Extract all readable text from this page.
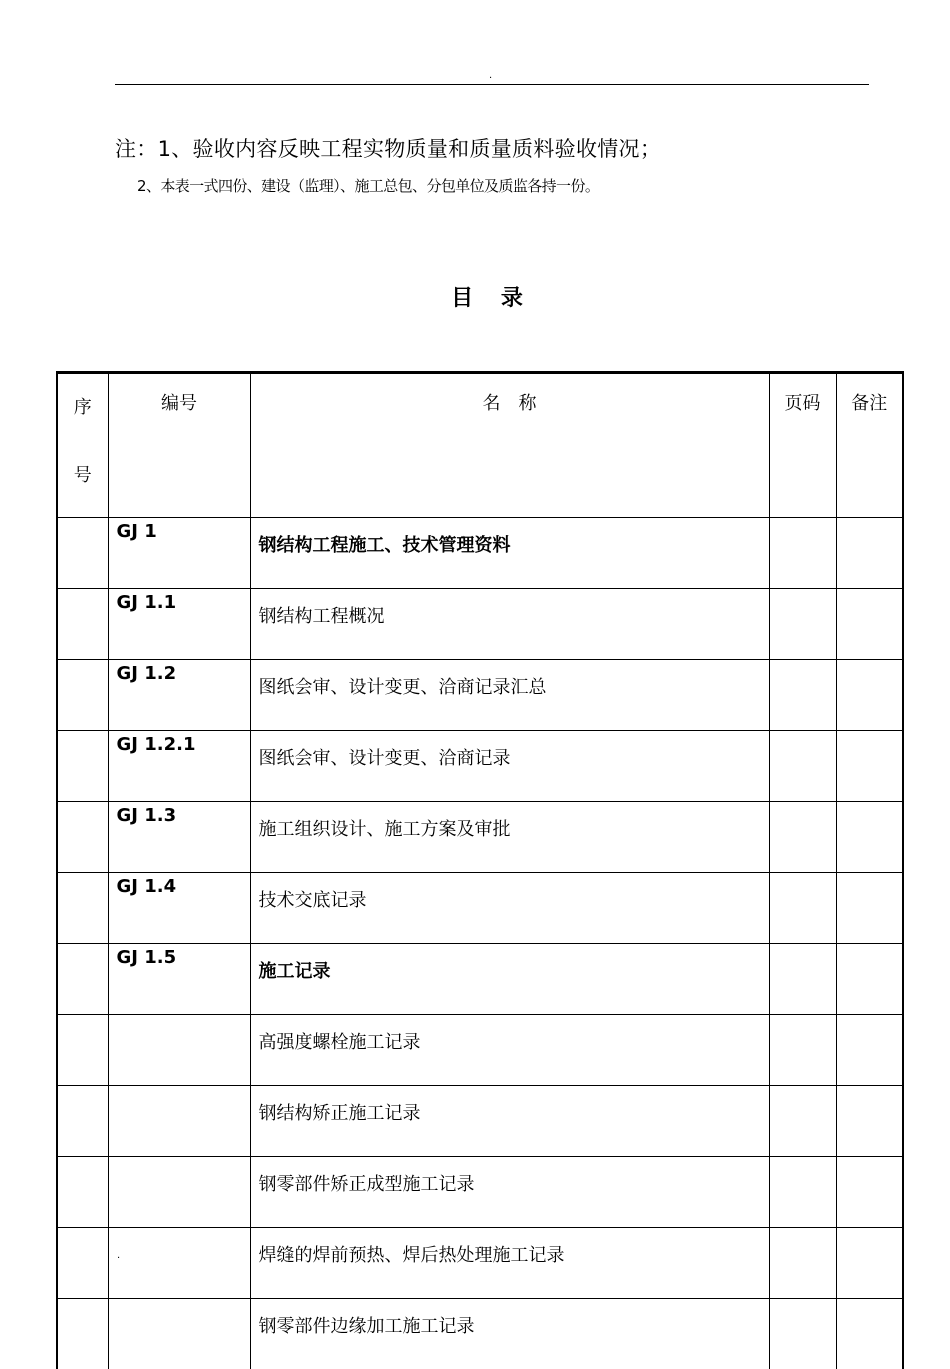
.
注：1、验收内容反映工程实物质量和质量质料验收情况；
2、本表一式四份、建设（监理）、施工总包、分包单位及质监各持一份。
目 录
序
号	编号	名　称	页码	备注
	GJ 1	钢结构工程施工、技术管理资料		
	GJ 1.1	钢结构工程概况		
	GJ 1.2	图纸会审、设计变更、洽商记录汇总		
	GJ 1.2.1	图纸会审、设计变更、洽商记录		
	GJ 1.3	施工组织设计、施工方案及审批		
	GJ 1.4	技术交底记录		
	GJ 1.5	施工记录		
		高强度螺栓施工记录		
		钢结构矫正施工记录		
		钢零部件矫正成型施工记录		
		焊缝的焊前预热、焊后热处理施工记录		
		钢零部件边缘加工施工记录		
.
